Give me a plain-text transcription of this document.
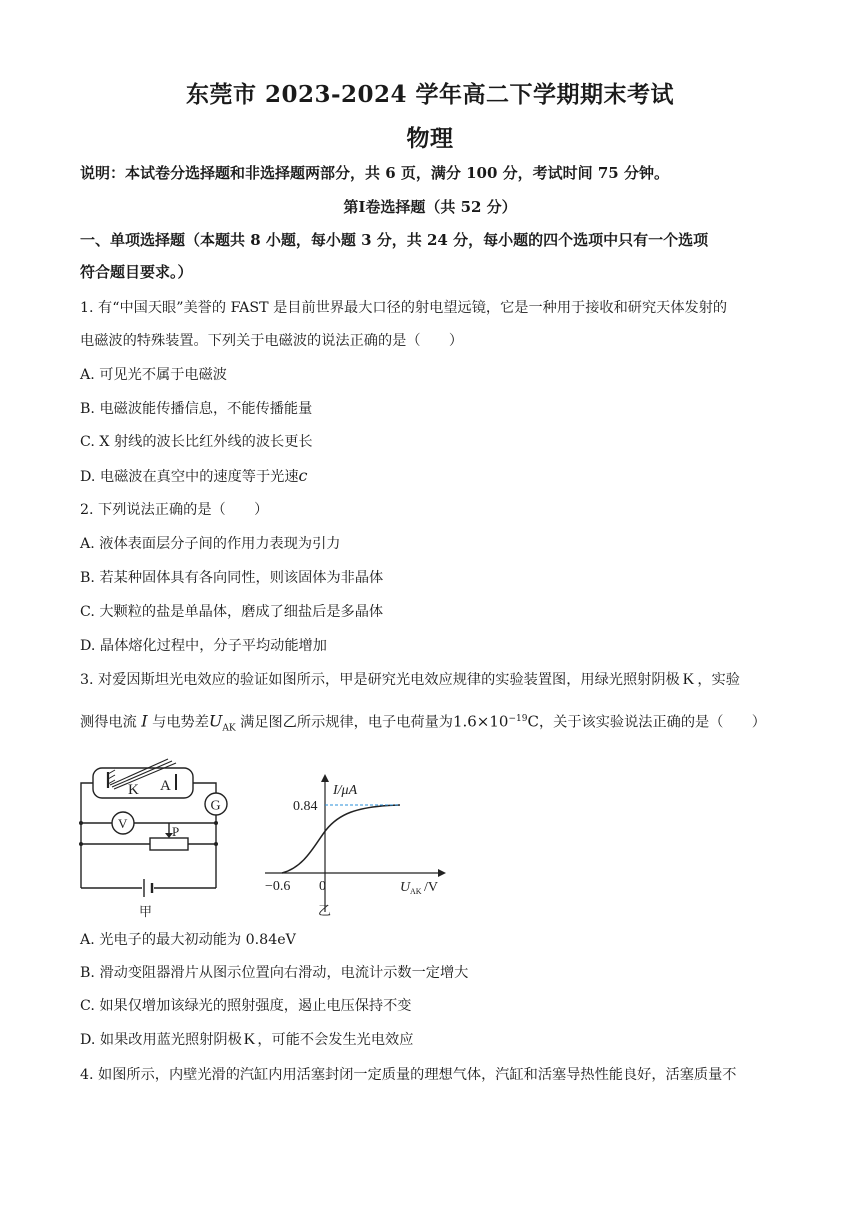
东莞市 2023-2024 学年高二下学期期末考试
物理
说明：本试卷分选择题和非选择题两部分，共 6 页，满分 100 分，考试时间 75 分钟。
第Ⅰ卷选择题（共 52 分）
一、单项选择题（本题共 8 小题，每小题 3 分，共 24 分，每小题的四个选项中只有一个选项
符合题目要求。）
1. 有“中国天眼”美誉的 FAST 是目前世界最大口径的射电望远镜，它是一种用于接收和研究天体发射的
电磁波的特殊装置。下列关于电磁波的说法正确的是（　　）
A. 可见光不属于电磁波
B. 电磁波能传播信息，不能传播能量
C. X 射线的波长比红外线的波长更长
D. 电磁波在真空中的速度等于光速c
2. 下列说法正确的是（　　）
A. 液体表面层分子间的作用力表现为引力
B. 若某种固体具有各向同性，则该固体为非晶体
C. 大颗粒的盐是单晶体，磨成了细盐后是多晶体
D. 晶体熔化过程中，分子平均动能增加
3. 对爱因斯坦光电效应的验证如图所示，甲是研究光电效应规律的实验装置图，用绿光照射阴极 K ，实验
测得电流 I 与电势差$U_{AK}$ 满足图乙所示规律，电子电荷量为$1.6\times 10^{-19}C$，关于该实验说法正确的是（　　）
K A
G
V
P
甲
I/μA
0.84
−0.6 0	U AK /V
乙
A. 光电子的最大初动能为 0.84eV
B. 滑动变阻器滑片从图示位置向右滑动，电流计示数一定增大
C. 如果仅增加该绿光的照射强度，遏止电压保持不变
D. 如果改用蓝光照射阴极 K ，可能不会发生光电效应
4. 如图所示，内壁光滑的汽缸内用活塞封闭一定质量的理想气体，汽缸和活塞导热性能良好，活塞质量不
